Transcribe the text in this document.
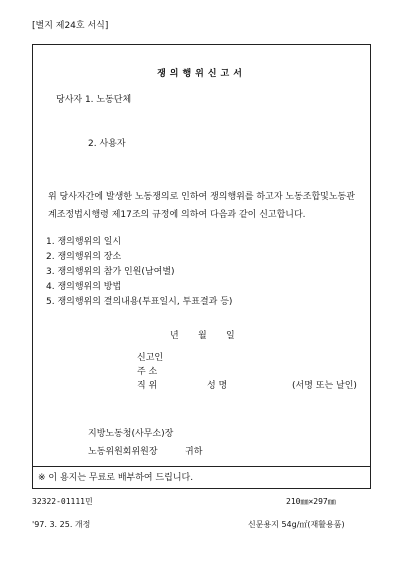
[별지 제24호 서식]
쟁의행위신고서
당사자 1. 노동단체
2. 사용자
위 당사자간에 발생한 노동쟁의로 인하여 쟁의행위를 하고자 노동조합및노동관계조정법시행령 제17조의 규정에 의하여 다음과 같이 신고합니다.
1. 쟁의행위의 일시
2. 쟁의행위의 장소
3. 쟁의행위의 참가 인원(남여별)
4. 쟁의행위의 방법
5. 쟁의행위의 결의내용(투표일시, 투표결과 등)
년 월 일
신고인
주 소
직 위	성 명	(서명 또는 날인)
지방노동청(사무소)장
노동위원회위원장	귀하
※ 이 용지는 무료로 배부하여 드립니다.
32322-01111민	210㎜×297㎜
'97. 3. 25. 개정	신문용지 54g/㎡(재활용품)
